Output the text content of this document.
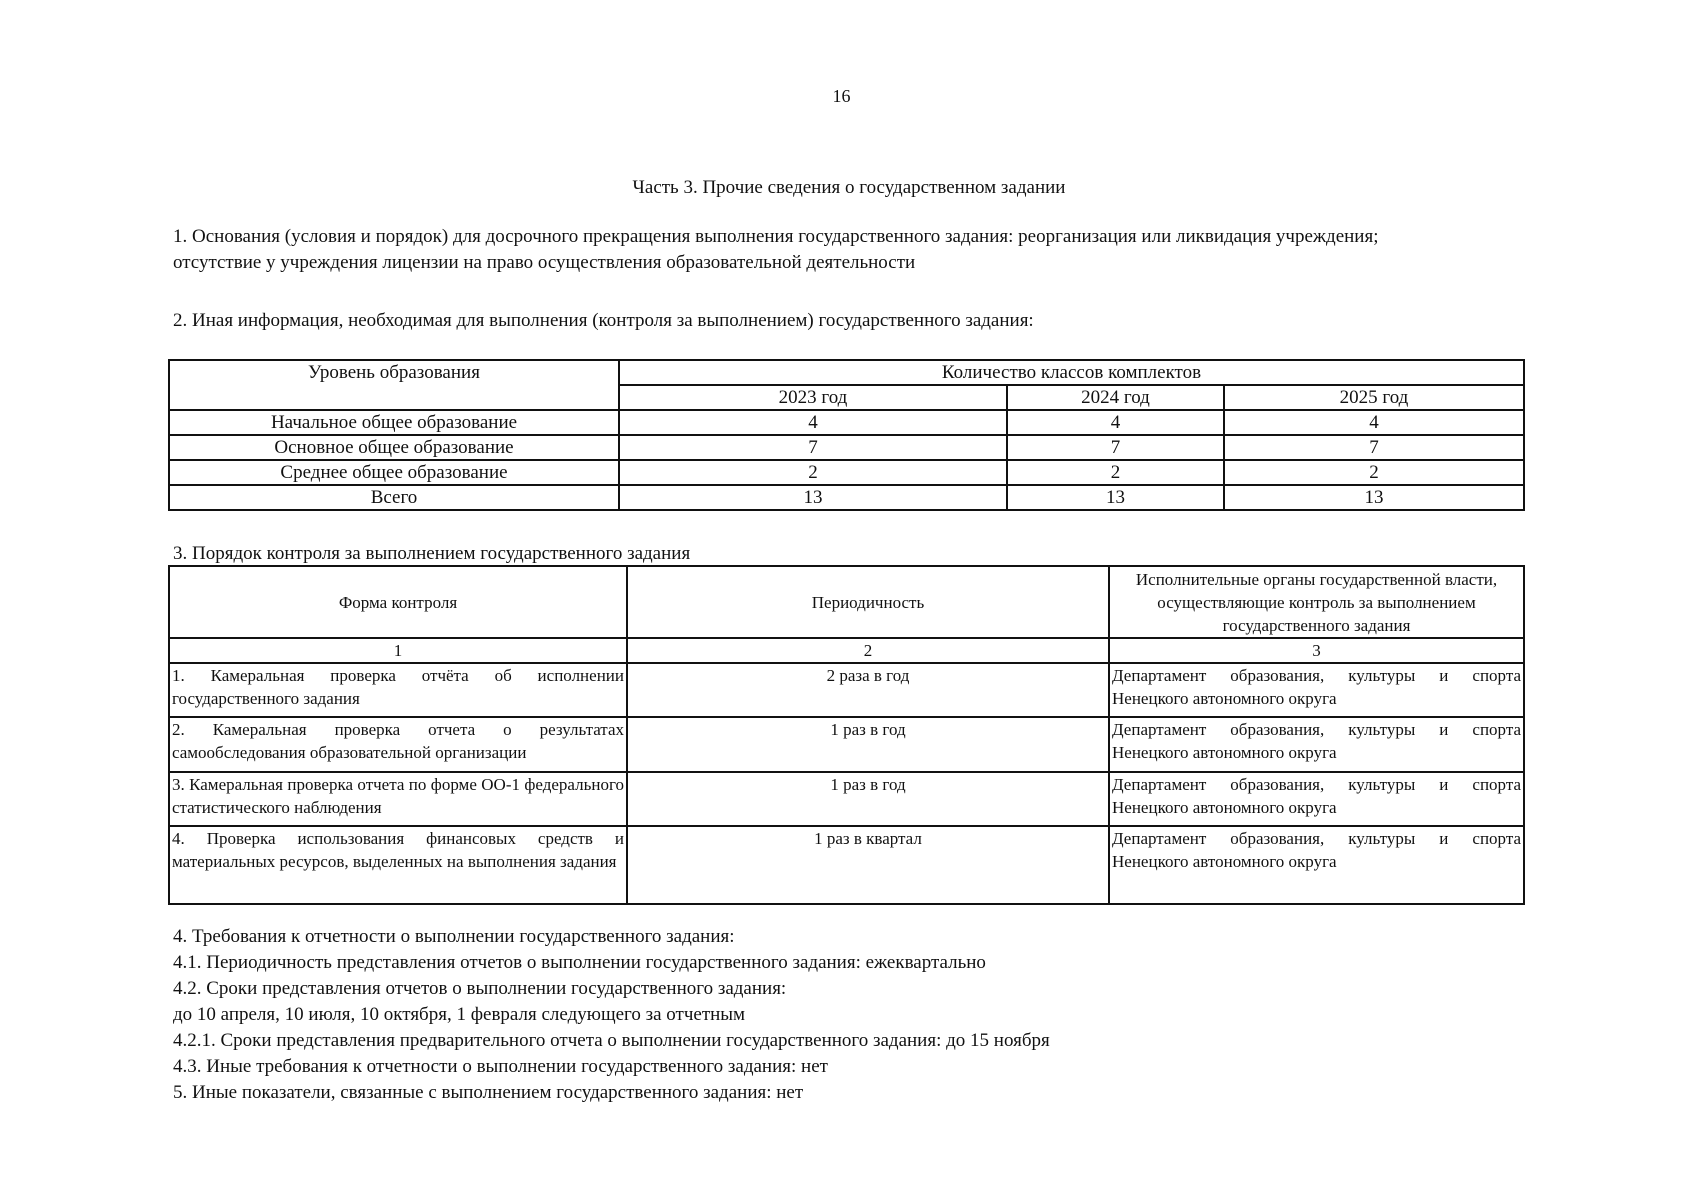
16
Часть 3. Прочие сведения о государственном задании
1. Основания (условия и порядок) для досрочного прекращения выполнения государственного задания: реорганизация или ликвидация учреждения;
отсутствие у учреждения лицензии на право осуществления образовательной деятельности
2. Иная информация, необходимая для выполнения (контроля за выполнением) государственного задания:
Уровень образования	Количество классов комплектов		
	2023 год	2024 год	2025 год
Начальное общее образование	4	4	4
Основное общее образование	7	7	7
Среднее общее образование	2	2	2
Всего	13	13	13
3. Порядок контроля за выполнением государственного задания
Форма контроля	Периодичность	Исполнительные органы государственной власти, осуществляющие контроль за выполнением государственного задания
1	2	3
1. Камеральная проверка отчёта об исполнении государственного задания	2 раза в год	Департамент образования, культуры и спорта Ненецкого автономного округа
2. Камеральная проверка отчета о результатах самообследования образовательной организации	1 раз в год	Департамент образования, культуры и спорта Ненецкого автономного округа
3. Камеральная проверка отчета по форме ОО-1 федерального статистического наблюдения	1 раз в год	Департамент образования, культуры и спорта Ненецкого автономного округа
4. Проверка использования финансовых средств и материальных ресурсов, выделенных на выполнения задания	1 раз в квартал	Департамент образования, культуры и спорта Ненецкого автономного округа
4. Требования к отчетности о выполнении государственного задания:
4.1. Периодичность представления отчетов о выполнении государственного задания: ежеквартально
4.2. Сроки представления отчетов о выполнении государственного задания:
до 10 апреля, 10 июля, 10 октября, 1 февраля следующего за отчетным
4.2.1. Сроки представления предварительного отчета о выполнении государственного задания: до 15 ноября
4.3. Иные требования к отчетности о выполнении государственного задания: нет
5. Иные показатели, связанные с выполнением государственного задания: нет
